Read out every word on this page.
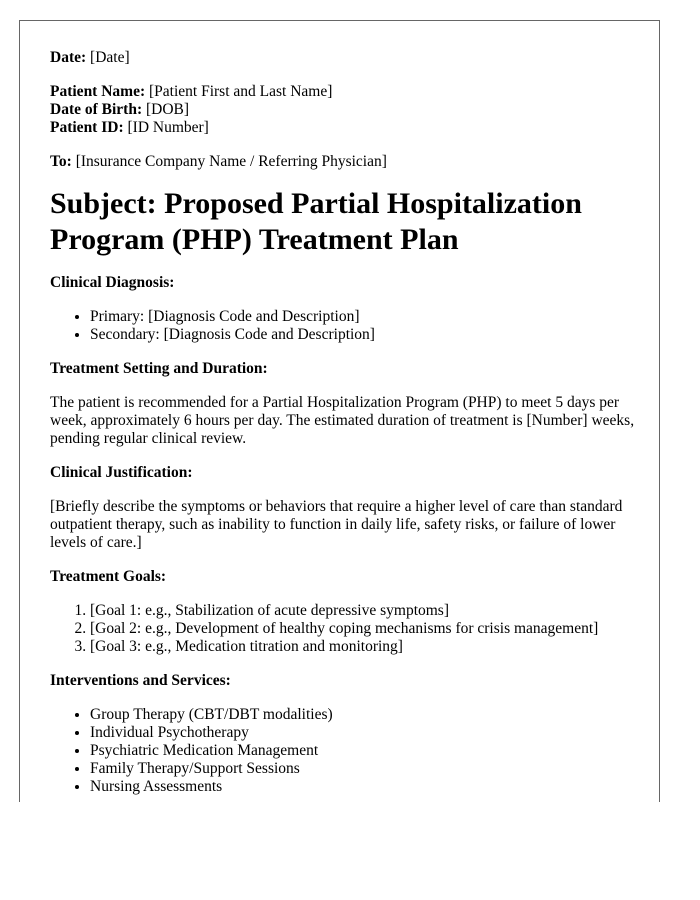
Date: [Date]

Patient Name: [Patient First and Last Name]

Date of Birth: [DOB]

Patient ID: [ID Number]

To: [Insurance Company Name / Referring Physician]

Subject: Proposed Partial Hospitalization Program (PHP) Treatment Plan

Clinical Diagnosis:

• Primary: [Diagnosis Code and Description]
• Secondary: [Diagnosis Code and Description]

Treatment Setting and Duration:

The patient is recommended for a Partial Hospitalization Program (PHP) to meet 5 days per week, approximately 6 hours per day. The estimated duration of treatment is [Number] weeks, pending regular clinical review.

Clinical Justification:

[Briefly describe the symptoms or behaviors that require a higher level of care than standard outpatient therapy, such as inability to function in daily life, safety risks, or failure of lower levels of care.]

Treatment Goals:

1. [Goal 1: e.g., Stabilization of acute depressive symptoms]
2. [Goal 2: e.g., Development of healthy coping mechanisms for crisis management]
3. [Goal 3: e.g., Medication titration and monitoring]

Interventions and Services:

• Group Therapy (CBT/DBT modalities)
• Individual Psychotherapy
• Psychiatric Medication Management
• Family Therapy/Support Sessions
• Nursing Assessments
